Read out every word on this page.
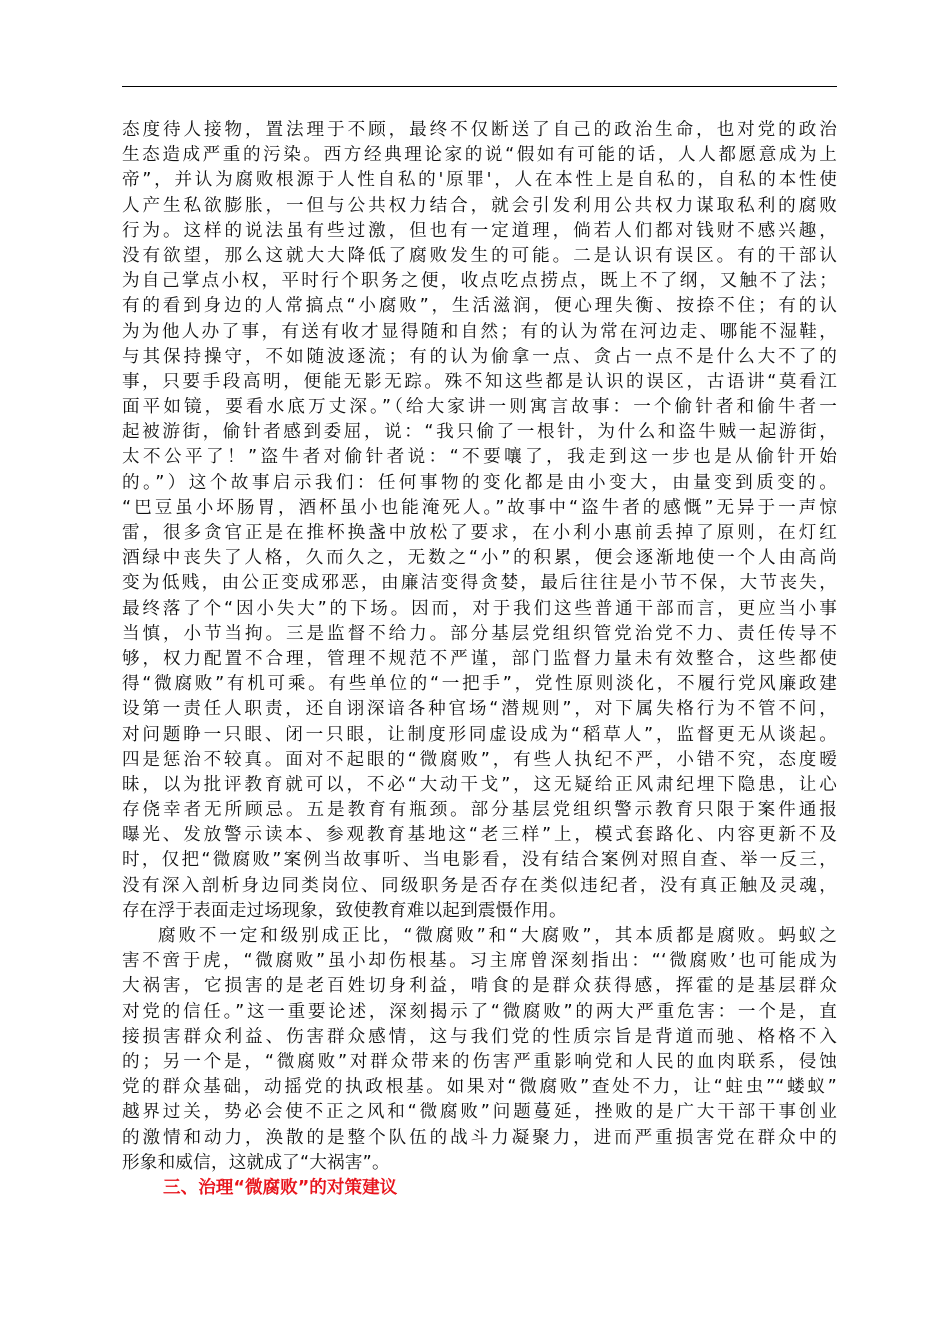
态度待人接物，置法理于不顾，最终不仅断送了自己的政治生命，也对党的政治
生态造成严重的污染。西方经典理论家的说“假如有可能的话，人人都愿意成为上
帝”，并认为腐败根源于人性自私的'原罪'，人在本性上是自私的，自私的本性使
人产生私欲膨胀，一但与公共权力结合，就会引发利用公共权力谋取私利的腐败
行为。这样的说法虽有些过激，但也有一定道理，倘若人们都对钱财不感兴趣，
没有欲望，那么这就大大降低了腐败发生的可能。二是认识有误区。有的干部认
为自己掌点小权，平时行个职务之便，收点吃点捞点，既上不了纲，又触不了法；
有的看到身边的人常搞点“小腐败”，生活滋润，便心理失衡、按捺不住；有的认
为为他人办了事，有送有收才显得随和自然；有的认为常在河边走、哪能不湿鞋，
与其保持操守，不如随波逐流；有的认为偷拿一点、贪占一点不是什么大不了的
事，只要手段高明，便能无影无踪。殊不知这些都是认识的误区，古语讲“莫看江
面平如镜，要看水底万丈深。”（给大家讲一则寓言故事：一个偷针者和偷牛者一
起被游街，偷针者感到委屈，说：“我只偷了一根针，为什么和盗牛贼一起游街，
太不公平了！”盗牛者对偷针者说：“不要嚷了，我走到这一步也是从偷针开始
的。”）这个故事启示我们：任何事物的变化都是由小变大，由量变到质变的。
“巴豆虽小坏肠胃，酒杯虽小也能淹死人。”故事中“盗牛者的感慨”无异于一声惊
雷，很多贪官正是在推杯换盏中放松了要求，在小利小惠前丢掉了原则，在灯红
酒绿中丧失了人格，久而久之，无数之“小”的积累，便会逐渐地使一个人由高尚
变为低贱，由公正变成邪恶，由廉洁变得贪婪，最后往往是小节不保，大节丧失，
最终落了个“因小失大”的下场。因而，对于我们这些普通干部而言，更应当小事
当慎，小节当拘。三是监督不给力。部分基层党组织管党治党不力、责任传导不
够，权力配置不合理，管理不规范不严谨，部门监督力量未有效整合，这些都使
得“微腐败”有机可乘。有些单位的“一把手”，党性原则淡化，不履行党风廉政建
设第一责任人职责，还自诩深谙各种官场“潜规则”，对下属失格行为不管不问，
对问题睁一只眼、闭一只眼，让制度形同虚设成为“稻草人”，监督更无从谈起。
四是惩治不较真。面对不起眼的“微腐败”，有些人执纪不严，小错不究，态度暧
昧，以为批评教育就可以，不必“大动干戈”，这无疑给正风肃纪埋下隐患，让心
存侥幸者无所顾忌。五是教育有瓶颈。部分基层党组织警示教育只限于案件通报
曝光、发放警示读本、参观教育基地这“老三样”上，模式套路化、内容更新不及
时，仅把“微腐败”案例当故事听、当电影看，没有结合案例对照自查、举一反三，
没有深入剖析身边同类岗位、同级职务是否存在类似违纪者，没有真正触及灵魂，
存在浮于表面走过场现象，致使教育难以起到震慑作用。
腐败不一定和级别成正比，“微腐败”和“大腐败”，其本质都是腐败。蚂蚁之
害不啻于虎，“微腐败”虽小却伤根基。习主席曾深刻指出：“‘微腐败’也可能成为
大祸害，它损害的是老百姓切身利益，啃食的是群众获得感，挥霍的是基层群众
对党的信任。”这一重要论述，深刻揭示了“微腐败”的两大严重危害：一个是，直
接损害群众利益、伤害群众感情，这与我们党的性质宗旨是背道而驰、格格不入
的；另一个是，“微腐败”对群众带来的伤害严重影响党和人民的血肉联系，侵蚀
党的群众基础，动摇党的执政根基。如果对“微腐败”查处不力，让“蛀虫”“蝼蚁”
越界过关，势必会使不正之风和“微腐败”问题蔓延，挫败的是广大干部干事创业
的激情和动力，涣散的是整个队伍的战斗力凝聚力，进而严重损害党在群众中的
形象和威信，这就成了“大祸害”。
三、治理“微腐败”的对策建议
